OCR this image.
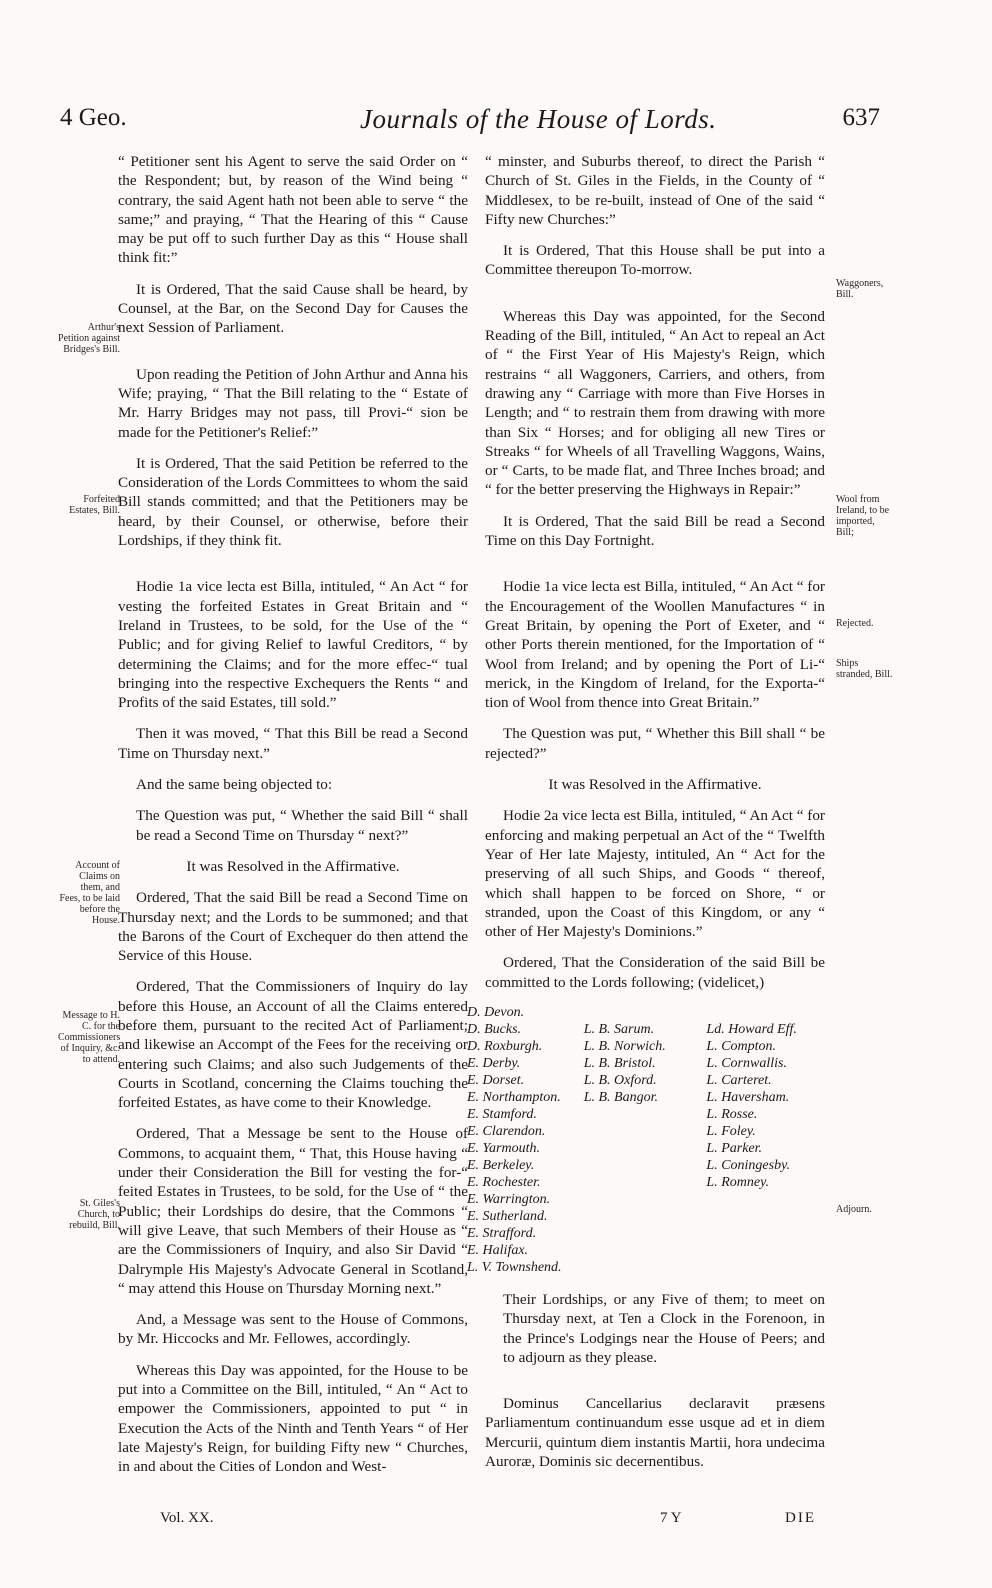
4 Geo.	Journals of the House of Lords.	637
Arthur's Petition against Bridges's Bill.
Forfeited Estates, Bill.
Account of Claims on them, and Fees, to be laid before the House.
Message to H. C. for the Commissioners of Inquiry, &c. to attend.
St. Giles's Church, to rebuild, Bill.
Waggoners, Bill.
Wool from Ireland, to be imported, Bill;
Rejected.
Ships stranded, Bill.
Adjourn.

“ Petitioner sent his Agent to serve the said Order on “ the Respondent; but, by reason of the Wind being “ contrary, the said Agent hath not been able to serve “ the same;” and praying, “ That the Hearing of this “ Cause may be put off to such further Day as this “ House shall think fit:”

It is Ordered, That the said Cause shall be heard, by Counsel, at the Bar, on the Second Day for Causes the next Session of Parliament.

Upon reading the Petition of John Arthur and Anna his Wife; praying, “ That the Bill relating to the “ Estate of Mr. Harry Bridges may not pass, till Provi-“ sion be made for the Petitioner's Relief:”

It is Ordered, That the said Petition be referred to the Consideration of the Lords Committees to whom the said Bill stands committed; and that the Petitioners may be heard, by their Counsel, or otherwise, before their Lordships, if they think fit.

Hodie 1a vice lecta est Billa, intituled, “ An Act “ for vesting the forfeited Estates in Great Britain and “ Ireland in Trustees, to be sold, for the Use of the “ Public; and for giving Relief to lawful Creditors, “ by determining the Claims; and for the more effec-“ tual bringing into the respective Exchequers the Rents “ and Profits of the said Estates, till sold.”

Then it was moved, “ That this Bill be read a Second Time on Thursday next.”

And the same being objected to:

The Question was put, “ Whether the said Bill “ shall be read a Second Time on Thursday “ next?”

It was Resolved in the Affirmative.

Ordered, That the said Bill be read a Second Time on Thursday next; and the Lords to be summoned; and that the Barons of the Court of Exchequer do then attend the Service of this House.

Ordered, That the Commissioners of Inquiry do lay before this House, an Account of all the Claims entered before them, pursuant to the recited Act of Parliament; and likewise an Accompt of the Fees for the receiving or entering such Claims; and also such Judgements of the Courts in Scotland, concerning the Claims touching the forfeited Estates, as have come to their Knowledge.

Ordered, That a Message be sent to the House of Commons, to acquaint them, “ That, this House having “ under their Consideration the Bill for vesting the for-“ feited Estates in Trustees, to be sold, for the Use of “ the Public; their Lordships do desire, that the Commons “ will give Leave, that such Members of their House as “ are the Commissioners of Inquiry, and also Sir David “ Dalrymple His Majesty's Advocate General in Scotland, “ may attend this House on Thursday Morning next.”

And, a Message was sent to the House of Commons, by Mr. Hiccocks and Mr. Fellowes, accordingly.

Whereas this Day was appointed, for the House to be put into a Committee on the Bill, intituled, “ An “ Act to empower the Commissioners, appointed to put “ in Execution the Acts of the Ninth and Tenth Years “ of Her late Majesty's Reign, for building Fifty new “ Churches, in and about the Cities of London and West-

“ minster, and Suburbs thereof, to direct the Parish “ Church of St. Giles in the Fields, in the County of “ Middlesex, to be re-built, instead of One of the said “ Fifty new Churches:”

It is Ordered, That this House shall be put into a Committee thereupon To-morrow.

Whereas this Day was appointed, for the Second Reading of the Bill, intituled, “ An Act to repeal an Act of “ the First Year of His Majesty's Reign, which restrains “ all Waggoners, Carriers, and others, from drawing any “ Carriage with more than Five Horses in Length; and “ to restrain them from drawing with more than Six “ Horses; and for obliging all new Tires or Streaks “ for Wheels of all Travelling Waggons, Wains, or “ Carts, to be made flat, and Three Inches broad; and “ for the better preserving the Highways in Repair:”

It is Ordered, That the said Bill be read a Second Time on this Day Fortnight.

Hodie 1a vice lecta est Billa, intituled, “ An Act “ for the Encouragement of the Woollen Manufactures “ in Great Britain, by opening the Port of Exeter, and “ other Ports therein mentioned, for the Importation of “ Wool from Ireland; and by opening the Port of Li-“ merick, in the Kingdom of Ireland, for the Exporta-“ tion of Wool from thence into Great Britain.”

The Question was put, “ Whether this Bill shall “ be rejected?”

It was Resolved in the Affirmative.

Hodie 2a vice lecta est Billa, intituled, “ An Act “ for enforcing and making perpetual an Act of the “ Twelfth Year of Her late Majesty, intituled, An “ Act for the preserving of all such Ships, and Goods “ thereof, which shall happen to be forced on Shore, “ or stranded, upon the Coast of this Kingdom, or any “ other of Her Majesty's Dominions.”

Ordered, That the Consideration of the said Bill be committed to the Lords following; (videlicet,)

D. Devon.
D. Bucks.
D. Roxburgh.
E. Derby.
E. Dorset.
E. Northampton.
E. Stamford.
E. Clarendon.
E. Yarmouth.
E. Berkeley.
E. Rochester.
E. Warrington.
E. Sutherland.
E. Strafford.
E. Halifax.
L. V. Townshend.
L. B. Sarum.
L. B. Norwich.
L. B. Bristol.
L. B. Oxford.
L. B. Bangor.
Ld. Howard Eff.
L. Compton.
L. Cornwallis.
L. Carteret.
L. Haversham.
L. Rosse.
L. Foley.
L. Parker.
L. Coningesby.
L. Romney.

Their Lordships, or any Five of them; to meet on Thursday next, at Ten a Clock in the Forenoon, in the Prince's Lodgings near the House of Peers; and to adjourn as they please.

Dominus Cancellarius declaravit præsens Parliamentum continuandum esse usque ad et in diem Mercurii, quintum diem instantis Martii, hora undecima Auroræ, Dominis sic decernentibus.

Vol. XX.	7 Y	DIE
